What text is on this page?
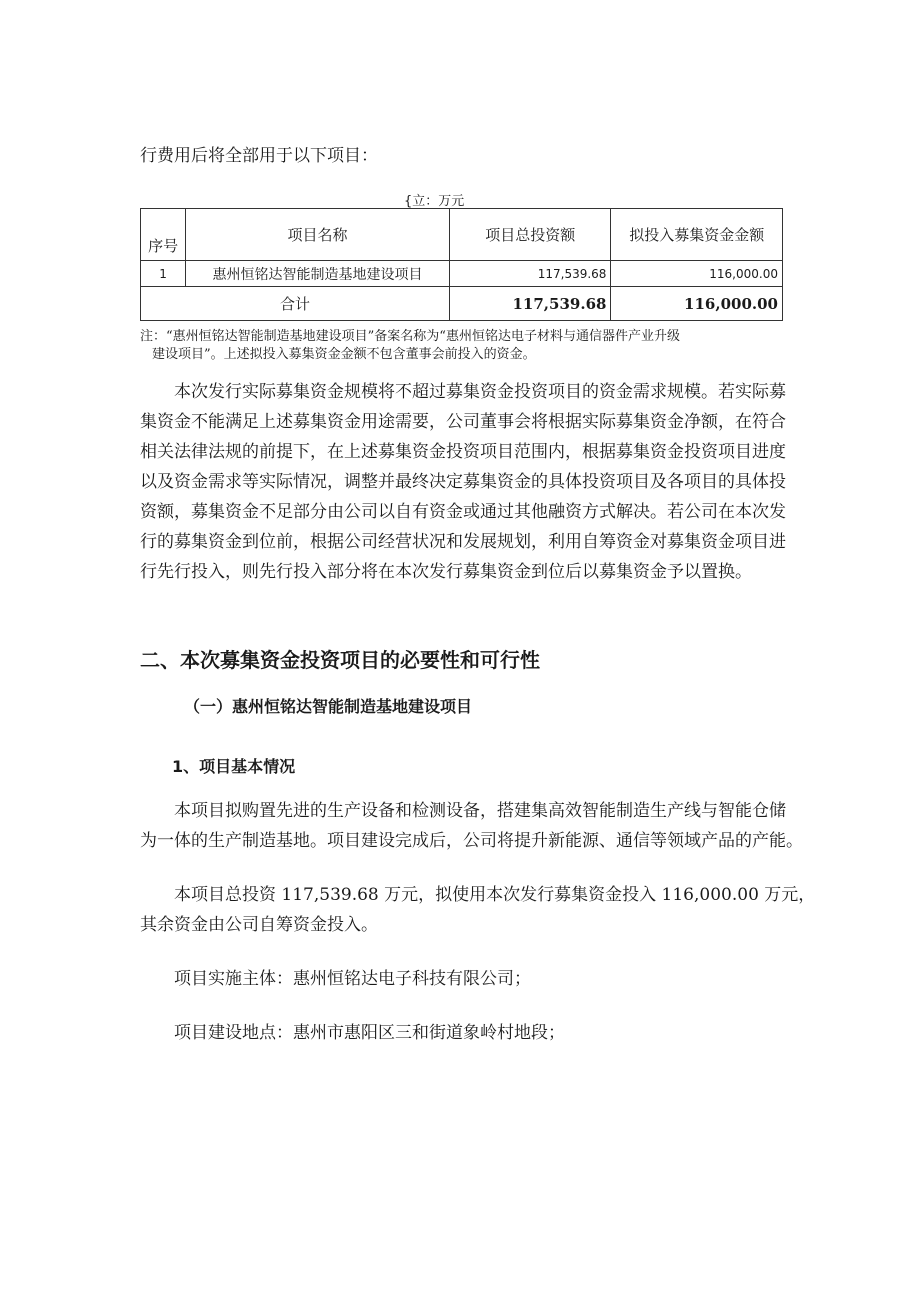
行费用后将全部用于以下项目：
{立：万元
序号	项目名称	项目总投资额	拟投入募集资金金额
1	惠州恒铭达智能制造基地建设项目	117,539.68	116,000.00
合计		117,539.68	116,000.00
注：“惠州恒铭达智能制造基地建设项目”备案名称为“惠州恒铭达电子材料与通信器件产业升级
建设项目”。上述拟投入募集资金金额不包含董事会前投入的资金。
　　本次发行实际募集资金规模将不超过募集资金投资项目的资金需求规模。若实际募
集资金不能满足上述募集资金用途需要，公司董事会将根据实际募集资金净额，在符合
相关法律法规的前提下，在上述募集资金投资项目范围内，根据募集资金投资项目进度
以及资金需求等实际情况，调整并最终决定募集资金的具体投资项目及各项目的具体投
资额，募集资金不足部分由公司以自有资金或通过其他融资方式解决。若公司在本次发
行的募集资金到位前，根据公司经营状况和发展规划，利用自筹资金对募集资金项目进
行先行投入，则先行投入部分将在本次发行募集资金到位后以募集资金予以置换。
二、本次募集资金投资项目的必要性和可行性
（一）惠州恒铭达智能制造基地建设项目
1、项目基本情况
　　本项目拟购置先进的生产设备和检测设备，搭建集高效智能制造生产线与智能仓储
为一体的生产制造基地。项目建设完成后，公司将提升新能源、通信等领域产品的产能。
　　本项目总投资 117,539.68 万元，拟使用本次发行募集资金投入 116,000.00 万元，
其余资金由公司自筹资金投入。
　　项目实施主体：惠州恒铭达电子科技有限公司；
　　项目建设地点：惠州市惠阳区三和街道象岭村地段；
